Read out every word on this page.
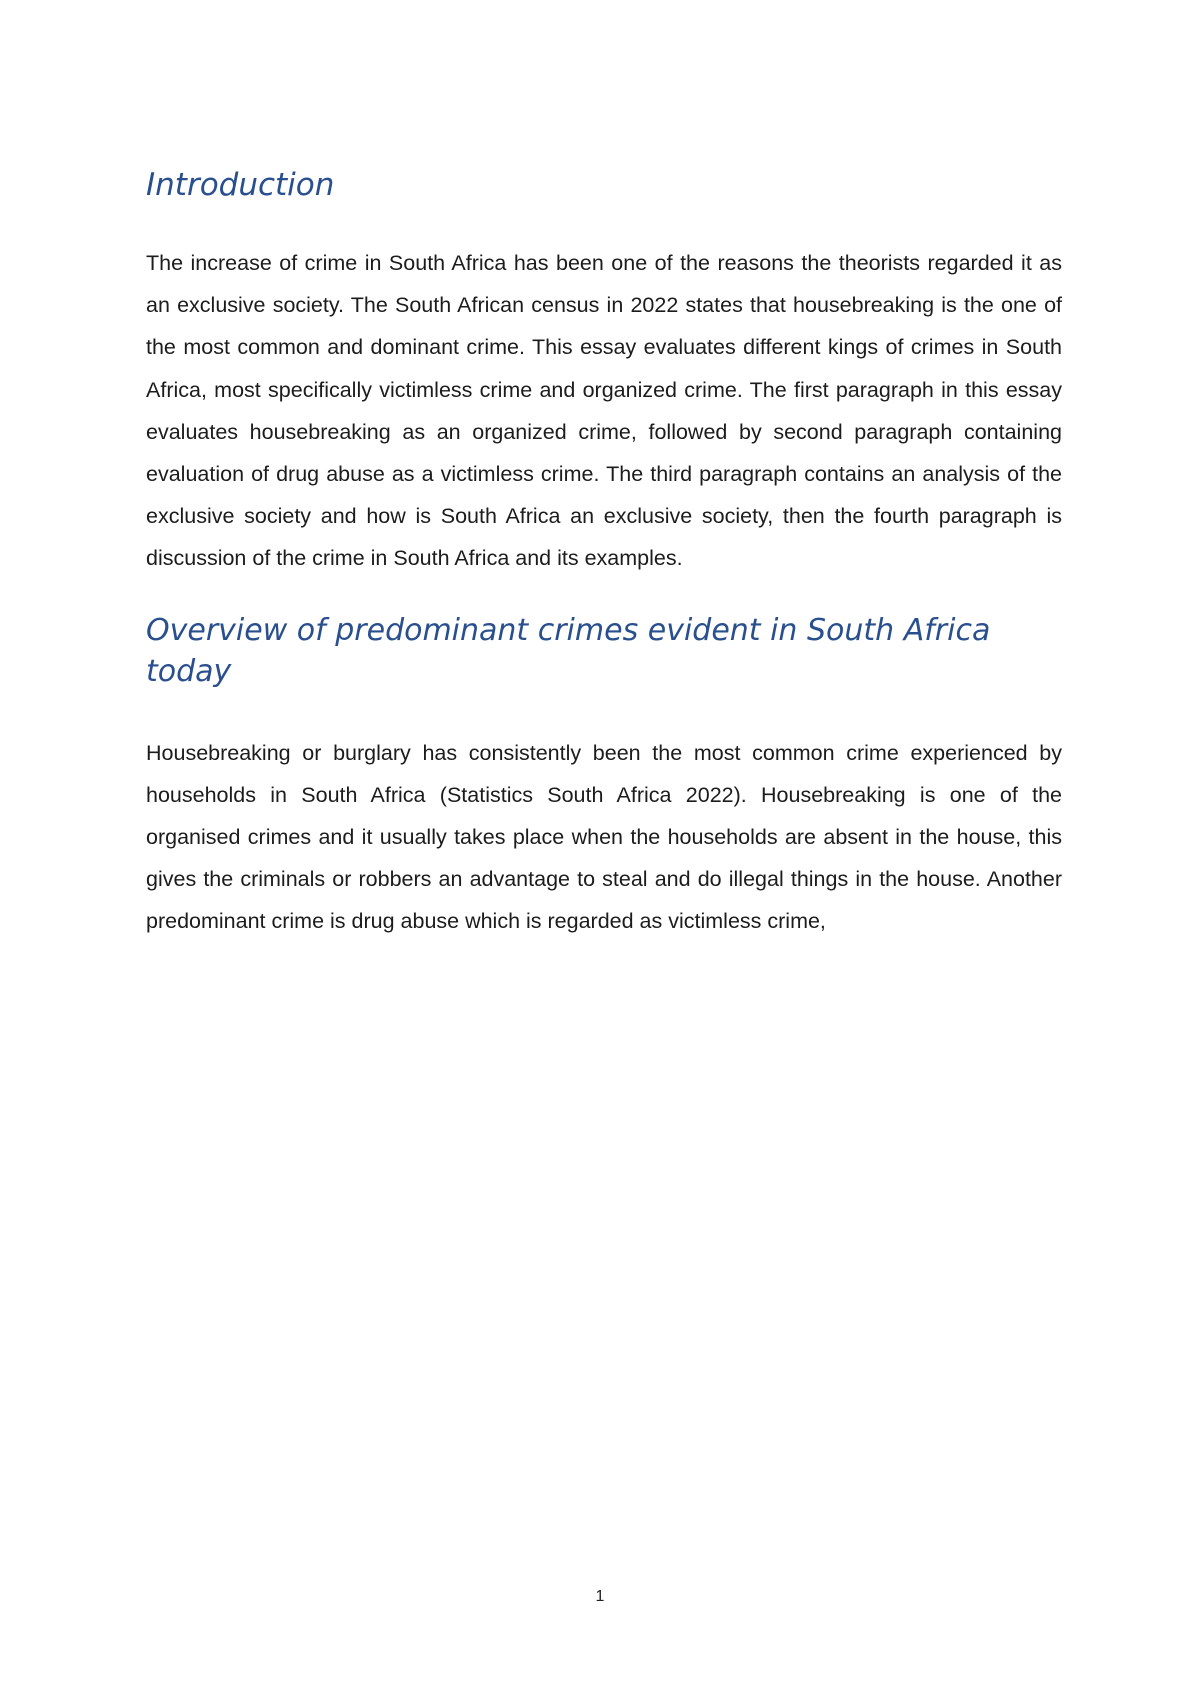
Introduction

The increase of crime in South Africa has been one of the reasons the theorists regarded it as an exclusive society. The South African census in 2022 states that housebreaking is the one of the most common and dominant crime. This essay evaluates different kings of crimes in South Africa, most specifically victimless crime and organized crime. The first paragraph in this essay evaluates housebreaking as an organized crime, followed by second paragraph containing evaluation of drug abuse as a victimless crime. The third paragraph contains an analysis of the exclusive society and how is South Africa an exclusive society, then the fourth paragraph is discussion of the crime in South Africa and its examples.

Overview of predominant crimes evident in South Africa today

Housebreaking or burglary has consistently been the most common crime experienced by households in South Africa (Statistics South Africa 2022). Housebreaking is one of the organised crimes and it usually takes place when the households are absent in the house, this gives the criminals or robbers an advantage to steal and do illegal things in the house. Another predominant crime is drug abuse which is regarded as victimless crime,

1
